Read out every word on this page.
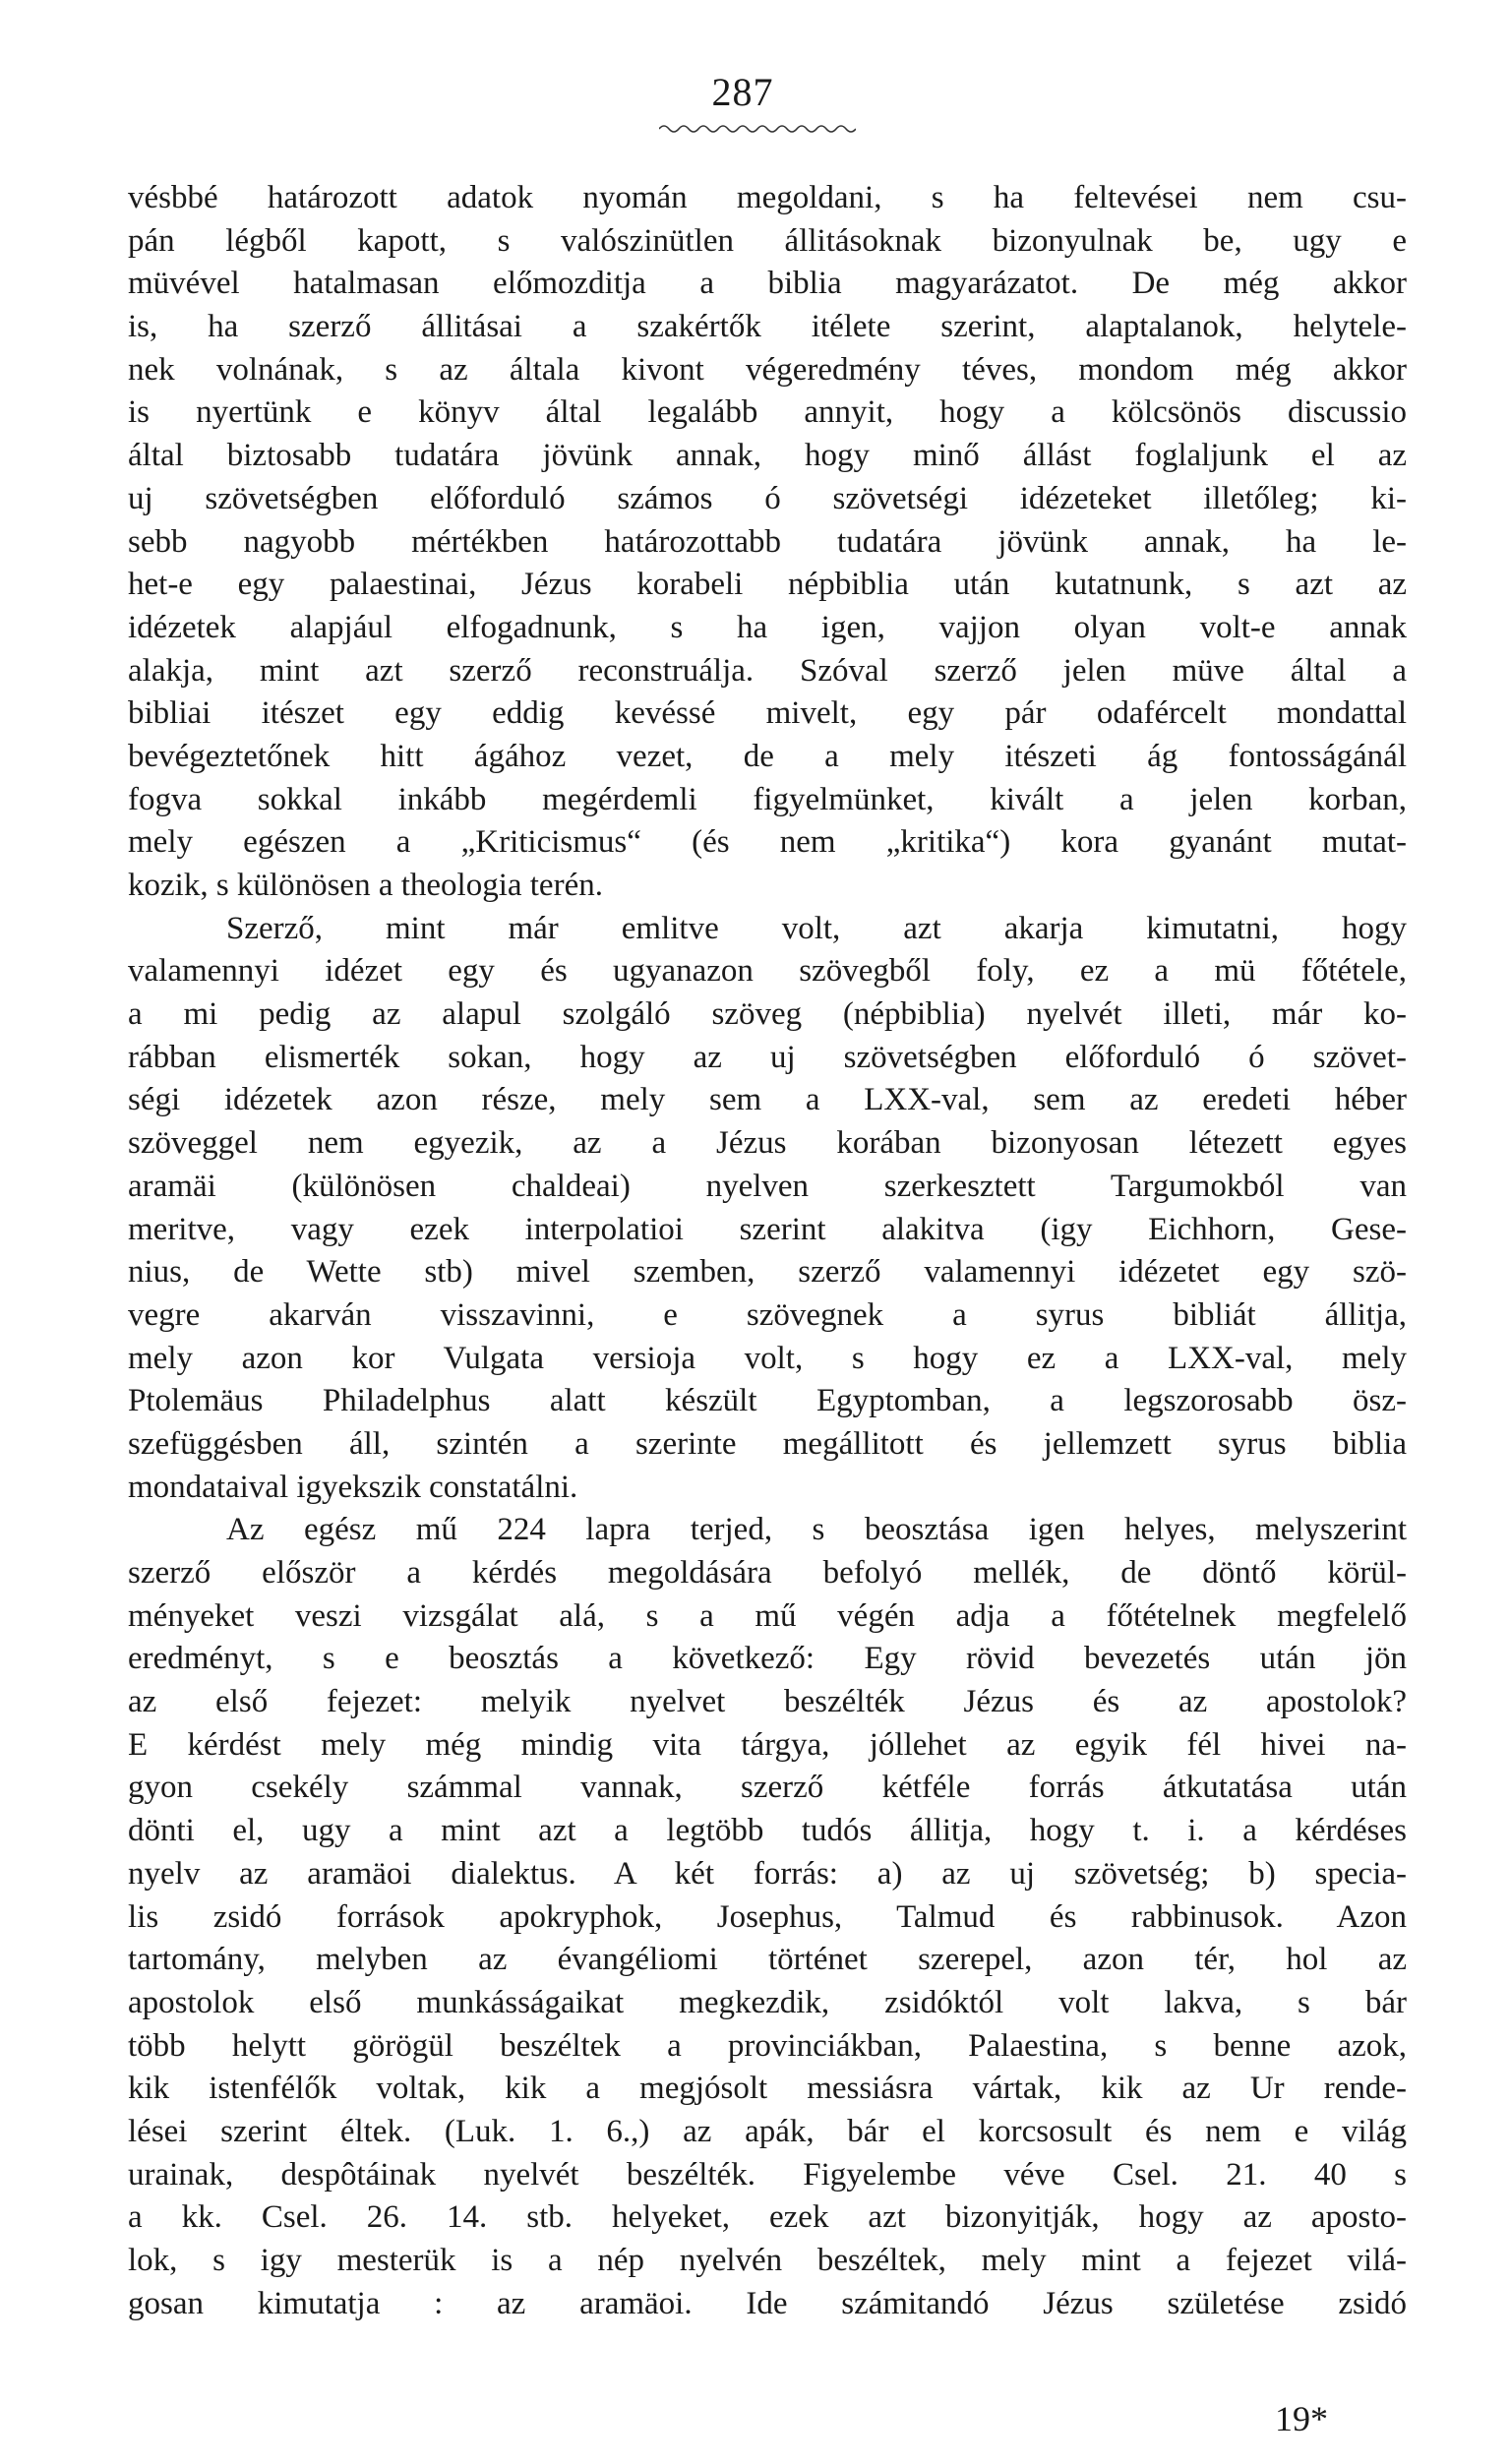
287
vésbbé határozott adatok nyomán megoldani, s ha feltevései nem csu-
pán légből kapott, s valószinütlen állitásoknak bizonyulnak be, ugy e
müvével hatalmasan előmozditja a biblia magyarázatot. De még akkor
is, ha szerző állitásai a szakértők itélete szerint, alaptalanok, helytele-
nek volnának, s az általa kivont végeredmény téves, mondom még akkor
is nyertünk e könyv által legalább annyit, hogy a kölcsönös discussio
által biztosabb tudatára jövünk annak, hogy minő állást foglaljunk el az
uj szövetségben előforduló számos ó szövetségi idézeteket illetőleg; ki-
sebb nagyobb mértékben határozottabb tudatára jövünk annak, ha le-
het-e egy palaestinai, Jézus korabeli népbiblia után kutatnunk, s azt az
idézetek alapjául elfogadnunk, s ha igen, vajjon olyan volt-e annak
alakja, mint azt szerző reconstruálja. Szóval szerző jelen müve által a
bibliai itészet egy eddig kevéssé mivelt, egy pár odafércelt mondattal
bevégeztetőnek hitt ágához vezet, de a mely itészeti ág fontosságánál
fogva sokkal inkább megérdemli figyelmünket, kivált a jelen korban,
mely egészen a „Kriticismus“ (és nem „kritika“) kora gyanánt mutat-
kozik, s különösen a theologia terén.
Szerző, mint már emlitve volt, azt akarja kimutatni, hogy
valamennyi idézet egy és ugyanazon szövegből foly, ez a mü főtétele,
a mi pedig az alapul szolgáló szöveg (népbiblia) nyelvét illeti, már ko-
rábban elismerték sokan, hogy az uj szövetségben előforduló ó szövet-
ségi idézetek azon része, mely sem a LXX-val, sem az eredeti héber
szöveggel nem egyezik, az a Jézus korában bizonyosan létezett egyes
aramäi (különösen chaldeai) nyelven szerkesztett Targumokból van
meritve, vagy ezek interpolatioi szerint alakitva (igy Eichhorn, Gese-
nius, de Wette stb) mivel szemben, szerző valamennyi idézetet egy szö-
vegre akarván visszavinni, e szövegnek a syrus bibliát állitja,
mely azon kor Vulgata versioja volt, s hogy ez a LXX-val, mely
Ptolemäus Philadelphus alatt készült Egyptomban, a legszorosabb ösz-
szefüggésben áll, szintén a szerinte megállitott és jellemzett syrus biblia
mondataival igyekszik constatálni.
Az egész mű 224 lapra terjed, s beosztása igen helyes, melyszerint
szerző először a kérdés megoldására befolyó mellék, de döntő körül-
ményeket veszi vizsgálat alá, s a mű végén adja a főtételnek megfelelő
eredményt, s e beosztás a következő: Egy rövid bevezetés után jön
az első fejezet: melyik nyelvet beszélték Jézus és az apostolok?
E kérdést mely még mindig vita tárgya, jóllehet az egyik fél hivei na-
gyon csekély számmal vannak, szerző kétféle forrás átkutatása után
dönti el, ugy a mint azt a legtöbb tudós állitja, hogy t. i. a kérdéses
nyelv az aramäoi dialektus. A két forrás: a) az uj szövetség; b) specia-
lis zsidó források apokryphok, Josephus, Talmud és rabbinusok. Azon
tartomány, melyben az évangéliomi történet szerepel, azon tér, hol az
apostolok első munkásságaikat megkezdik, zsidóktól volt lakva, s bár
több helytt görögül beszéltek a provinciákban, Palaestina, s benne azok,
kik istenfélők voltak, kik a megjósolt messiásra vártak, kik az Ur rende-
lései szerint éltek. (Luk. 1. 6.,) az apák, bár el korcsosult és nem e világ
urainak, despôtáinak nyelvét beszélték. Figyelembe véve Csel. 21. 40 s
a kk. Csel. 26. 14. stb. helyeket, ezek azt bizonyitják, hogy az aposto-
lok, s igy mesterük is a nép nyelvén beszéltek, mely mint a fejezet vilá-
gosan kimutatja : az aramäoi. Ide számitandó Jézus születése zsidó
19*
